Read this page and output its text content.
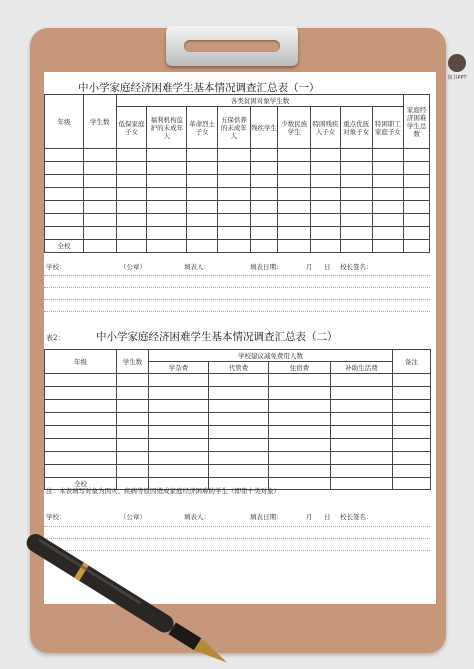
简书PPT
中小学家庭经济困难学生基本情况调查汇总表（一）
年级	学生数	各类贫困对象学生数									家庭经济困难学生总数
		低保家庭子女	福利机构监护的未成年人	革命烈士子女	五保供养的未成年人	残疾学生	少数民族学生	特困残疾人子女	重点优抚对象子女	特困职工家庭子女	

全校											
学校：	（公章）	填表人：	填表日期：	月 日 校长签名：
表2：	中小学家庭经济困难学生基本情况调查汇总表（二）
年级	学生数	学校建议减免费用人数				备注
		学杂费	代管费	住宿费	补助生活费	

全校						
注：本表填写对象为因灾、疾病等原因造成家庭经济困难的学生（即第十类对象）
学校：	（公章）	填表人：	填表日期：	月 日 校长签名：
